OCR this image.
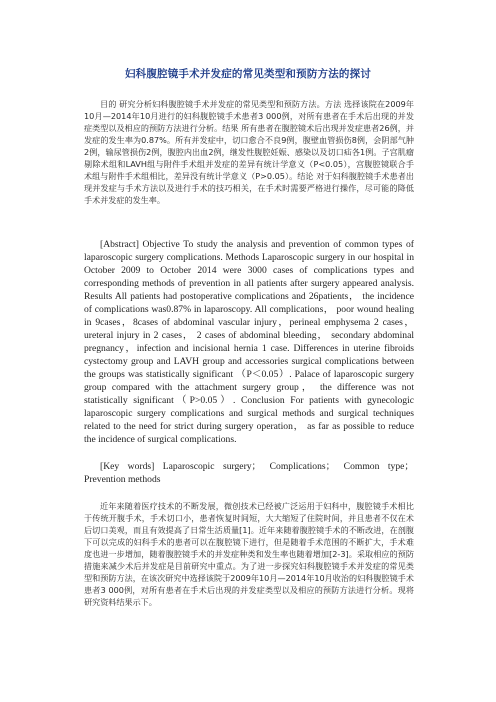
妇科腹腔镜手术并发症的常见类型和预防方法的探讨

目的 研究分析妇科腹腔镜手术并发症的常见类型和预防方法。方法 选择该院在2009年10月—2014年10月进行的妇科腹腔镜手术患者3 000例，对所有患者在手术后出现的并发症类型以及相应的预防方法进行分析。结果 所有患者在腹腔镜术后出现并发症患者26例，并发症的发生率为0.87%。所有并发症中，切口愈合不良9例，腹壁血管损伤8例，会阴部气肿2例，输尿管损伤2例，腹腔内出血2例，继发性腹腔妊娠、感染以及切口疝各1例。子宫肌瘤剔除术组和LAVH组与附件手术组并发症的差异有统计学意义（P<0.05），宫腹腔镜联合手术组与附件手术组相比，差异没有统计学意义（P>0.05）。结论 对于妇科腹腔镜手术患者出现并发症与手术方法以及进行手术的技巧相关，在手术时需要严格进行操作，尽可能的降低手术并发症的发生率。

[Abstract] Objective To study the analysis and prevention of common types of laparoscopic surgery complications. Methods Laparoscopic surgery in our hospital in October 2009 to October 2014 were 3000 cases of complications types and corresponding methods of prevention in all patients after surgery appeared analysis. Results All patients had postoperative complications and 26patients， the incidence of complications was0.87% in laparoscopy. All complications， poor wound healing in 9cases，8cases of abdominal vascular injury，perineal emphysema 2 cases，ureteral injury in 2 cases， 2 cases of abdominal bleeding， secondary abdominal pregnancy，infection and incisional hernia 1 case. Differences in uterine fibroids cystectomy group and LAVH group and accessories surgical complications between the groups was statistically significant （P＜0.05）. Palace of laparoscopic surgery group compared with the attachment surgery group， the difference was not statistically significant（P>0.05）. Conclusion For patients with gynecologic laparoscopic surgery complications and surgical methods and surgical techniques related to the need for strict during surgery operation， as far as possible to reduce the incidence of surgical complications.

[Key words] Laparoscopic surgery； Complications； Common type； Prevention methods

近年来随着医疗技术的不断发展，微创技术已经被广泛运用于妇科中，腹腔镜手术相比于传统开腹手术，手术切口小，患者恢复时间短，大大缩短了住院时间，并且患者不仅在术后切口美观，而且有效提高了日常生活质量[1]。近年来随着腹腔镜手术的不断改进，在剖腹下可以完成的妇科手术的患者可以在腹腔镜下进行，但是随着手术范围的不断扩大，手术难度也进一步增加，随着腹腔镜手术的并发症种类和发生率也随着增加[2-3]。采取相应的预防措施来减少术后并发症是目前研究中重点。为了进一步探究妇科腹腔镜手术并发症的常见类型和预防方法，在该次研究中选择该院于2009年10月—2014年10月收治的妇科腹腔镜手术患者3 000例，对所有患者在手术后出现的并发症类型以及相应的预防方法进行分析。现将研究资料结果示下。
